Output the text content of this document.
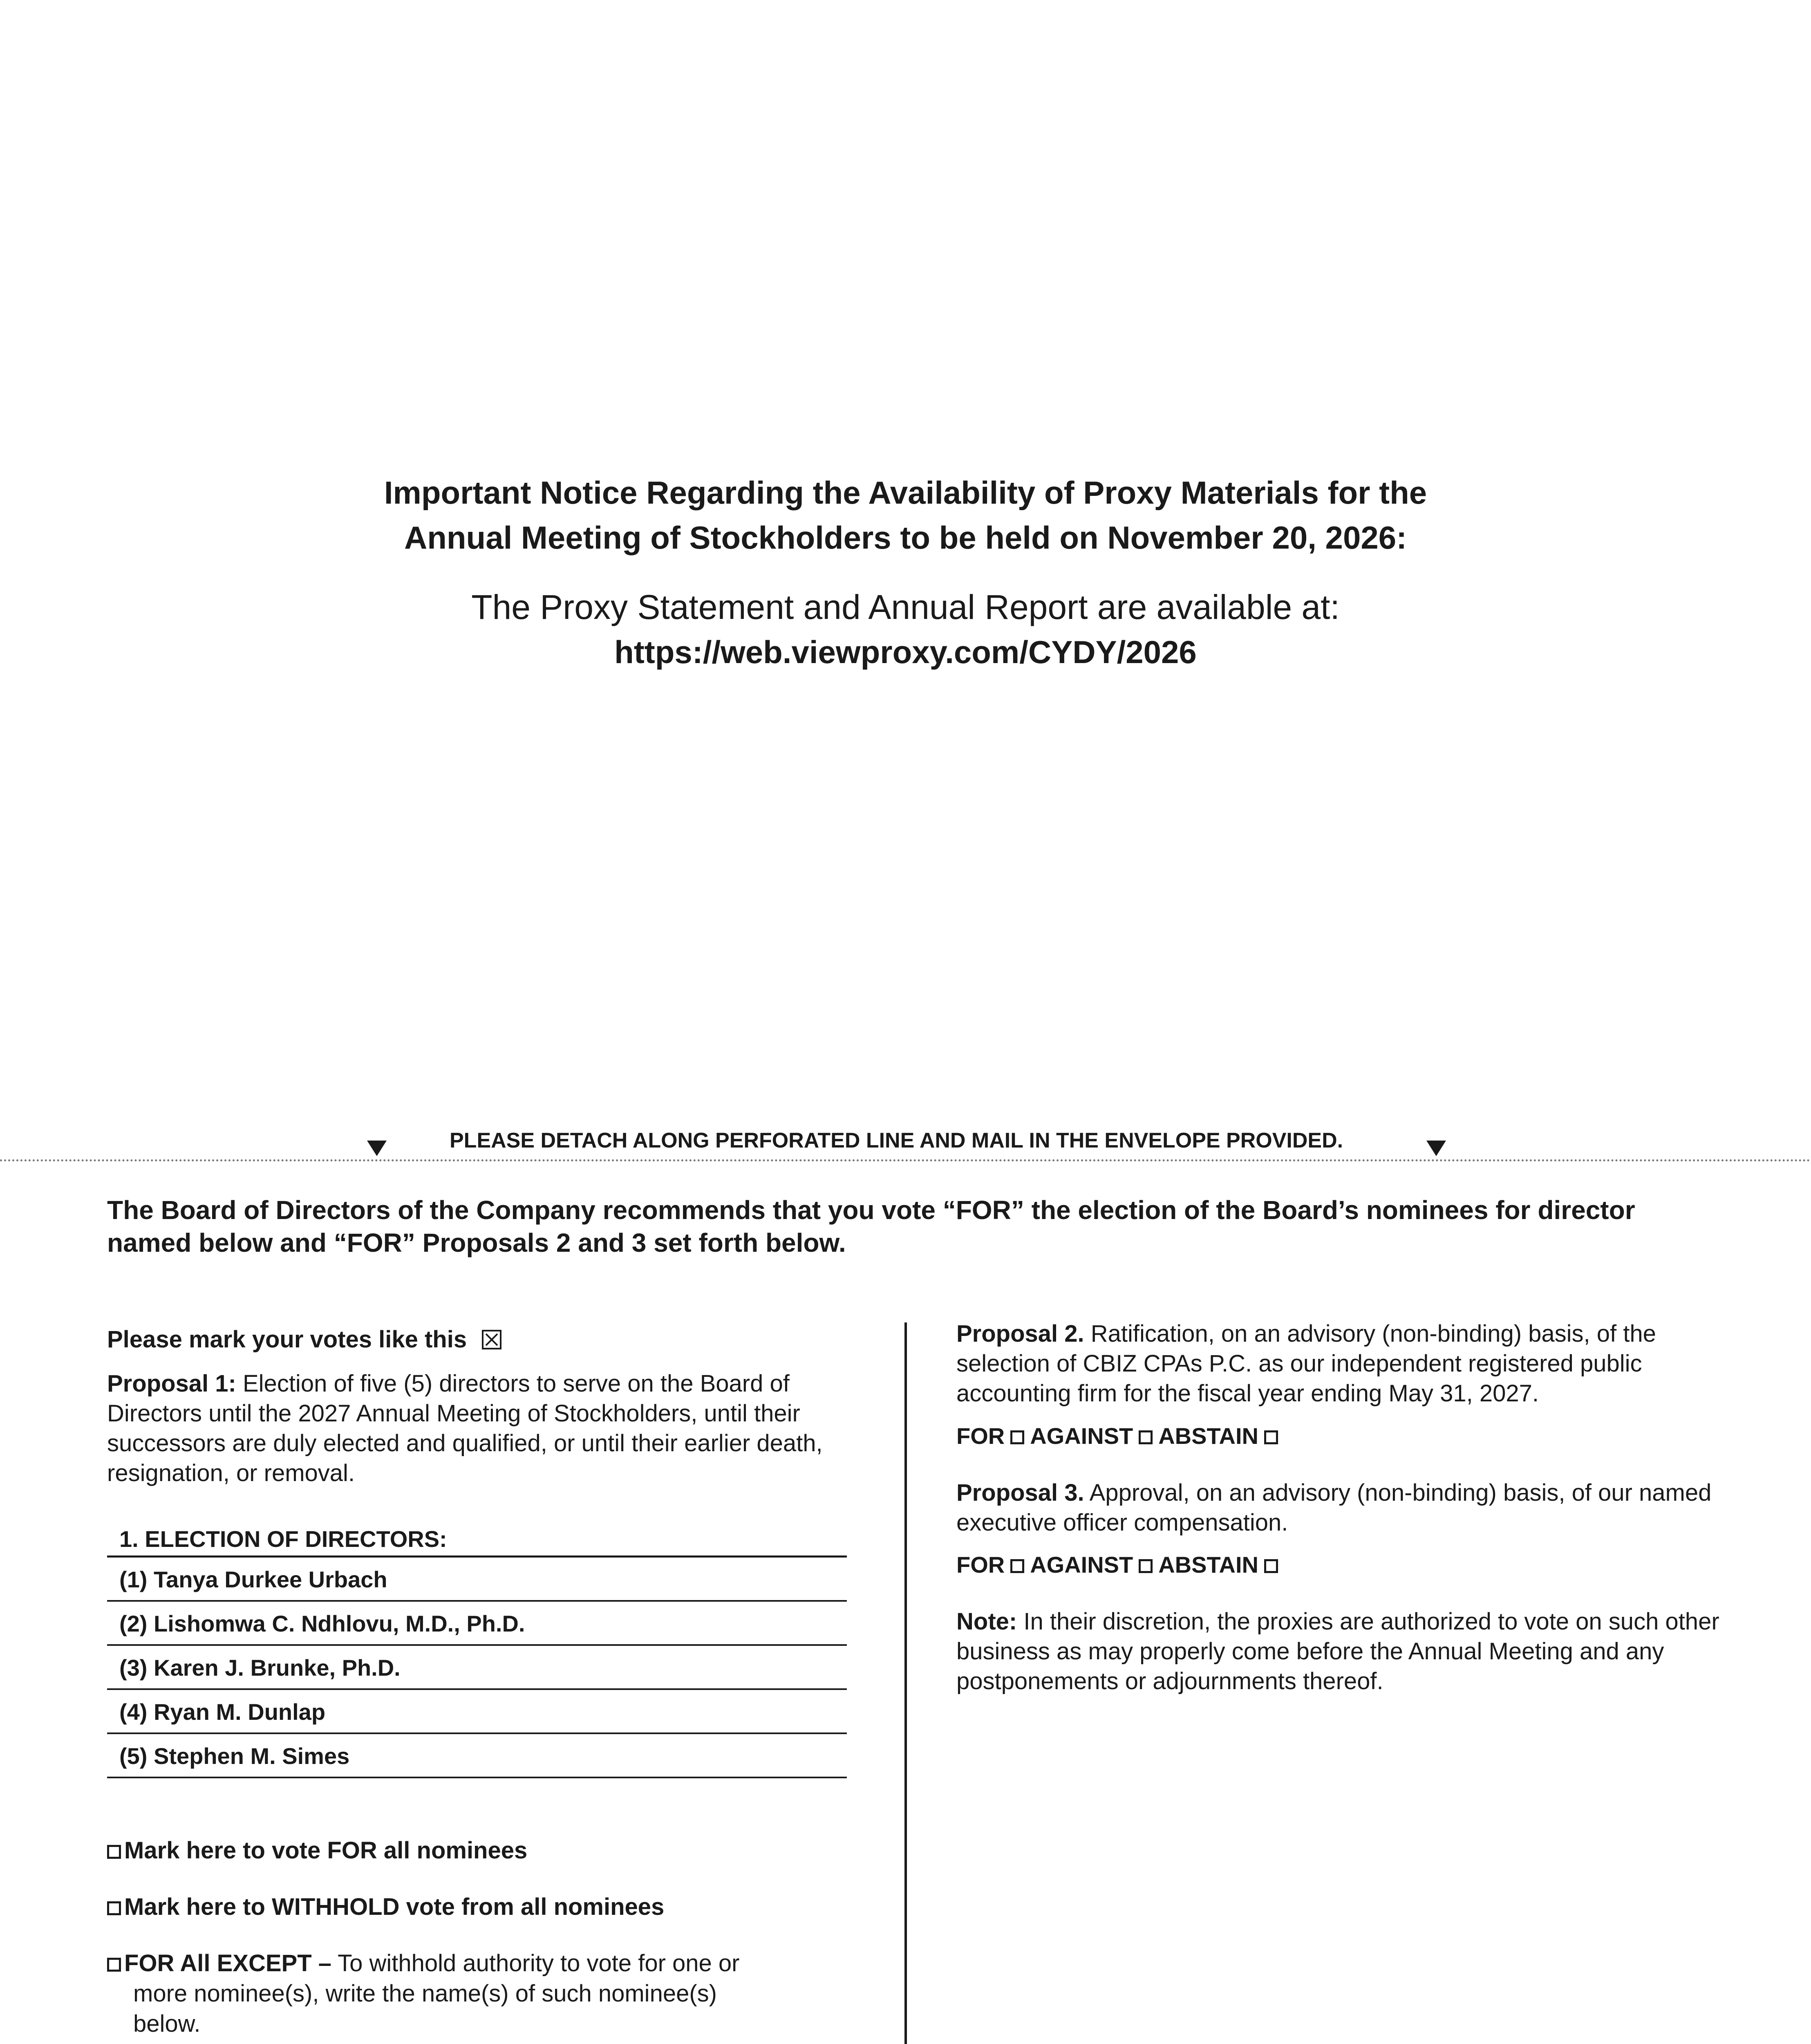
Important Notice Regarding the Availability of Proxy Materials for the
Annual Meeting of Stockholders to be held on November 20, 2026:
The Proxy Statement and Annual Report are available at:
https://web.viewproxy.com/CYDY/2026
PLEASE DETACH ALONG PERFORATED LINE AND MAIL IN THE ENVELOPE PROVIDED.
The Board of Directors of the Company recommends that you vote “FOR” the election of the Board’s nominees for director
named below and “FOR” Proposals 2 and 3 set forth below.
Please mark your votes like this
Proposal 1: Election of five (5) directors to serve on the Board of Directors until the 2027 Annual Meeting of Stockholders, until their successors are duly elected and qualified, or until their earlier death, resignation, or removal.
1. ELECTION OF DIRECTORS:
(1) Tanya Durkee Urbach
(2) Lishomwa C. Ndhlovu, M.D., Ph.D.
(3) Karen J. Brunke, Ph.D.
(4) Ryan M. Dunlap
(5) Stephen M. Simes
Mark here to vote FOR all nominees
Mark here to WITHHOLD vote from all nominees
FOR All EXCEPT – To withhold authority to vote for one or
more nominee(s), write the name(s) of such nominee(s)
below.
Proposal 2. Ratification, on an advisory (non-binding) basis, of the selection of CBIZ CPAs P.C. as our independent registered public accounting firm for the fiscal year ending May 31, 2027.
FOR AGAINST ABSTAIN
Proposal 3. Approval, on an advisory (non-binding) basis, of our named executive officer compensation.
FOR AGAINST ABSTAIN
Note: In their discretion, the proxies are authorized to vote on such other business as may properly come before the Annual Meeting and any postponements or adjournments thereof.
